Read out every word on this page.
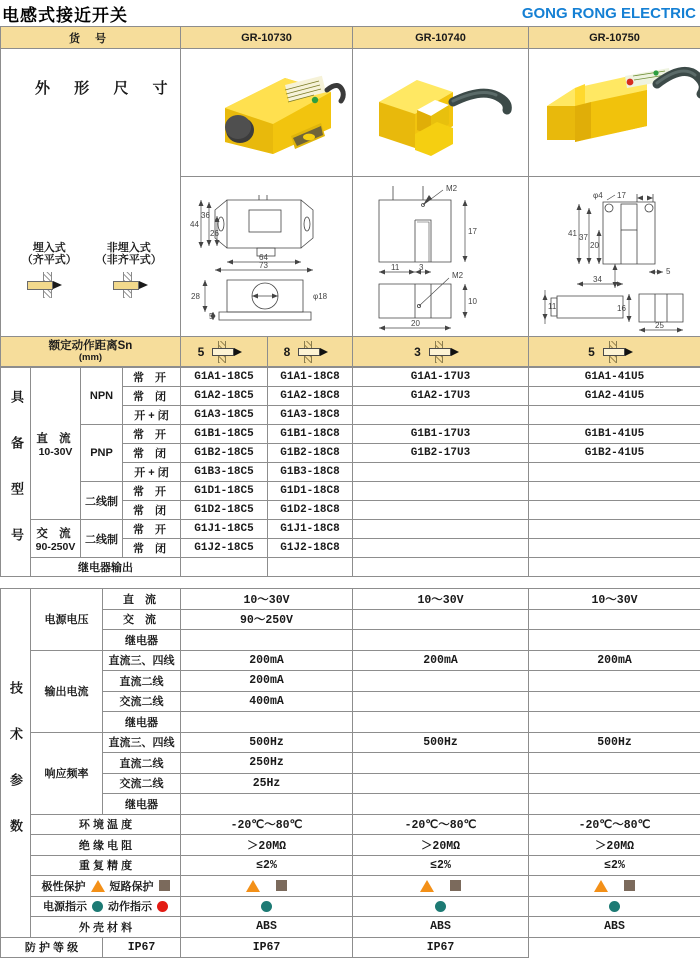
电感式接近开关	GONG RONG ELECTRIC
货 号	GR-10730		GR-10740	GR-10750

外 形 尺 寸
埋入式
（齐平式）
非埋入式
（非齐平式）

44
36
26
64
73
φ18
28
5

M2
17
11 3
M2
10
20

φ4 17
41 37
20
5
34
11	16
25

额定动作距离Sn
(mm)	5	8	3	5
具 备 型 号	直 流
10-30V	NPN	常 开	G1A1-18C5	G1A1-18C8	G1A1-17U3	G1A1-41U5
			常 闭	G1A2-18C5	G1A2-18C8	G1A2-17U3	G1A2-41U5
			开 + 闭	G1A3-18C5	G1A3-18C8		
		PNP	常 开	G1B1-18C5	G1B1-18C8	G1B1-17U3	G1B1-41U5
			常 闭	G1B2-18C5	G1B2-18C8	G1B2-17U3	G1B2-41U5
			开 + 闭	G1B3-18C5	G1B3-18C8		
		二线制	常 开	G1D1-18C5	G1D1-18C8		
			常 闭	G1D2-18C5	G1D2-18C8		

	交 流
90-250V	二线制	常 开	G1J1-18C5	G1J1-18C8		
			常 闭	G1J2-18C5	G1J2-18C8		
	继电器输出						
技 术 参 数	电源电压	直 流	10～30V	10～30V	10～30V
		交 流	90～250V		
		继电器			
	输出电流	直流三、四线	200mA	200mA	200mA
		直流二线	200mA		
		交流二线	400mA		
		继电器			
	响应频率	直流三、四线	500Hz	500Hz	500Hz
		直流二线	250Hz		
		交流二线	25Hz		
		继电器			
	环 境 温 度		-20℃～80℃	-20℃～80℃	-20℃～80℃
	绝 缘 电 阻		＞20MΩ	＞20MΩ	＞20MΩ
	重 复 精 度		≤2%	≤2%	≤2%

	极性保护 短路保护				

	电源指示 动作指示				

	外 壳 材 料		ABS	ABS	ABS
防 护 等 级		IP67	IP67	IP67	
